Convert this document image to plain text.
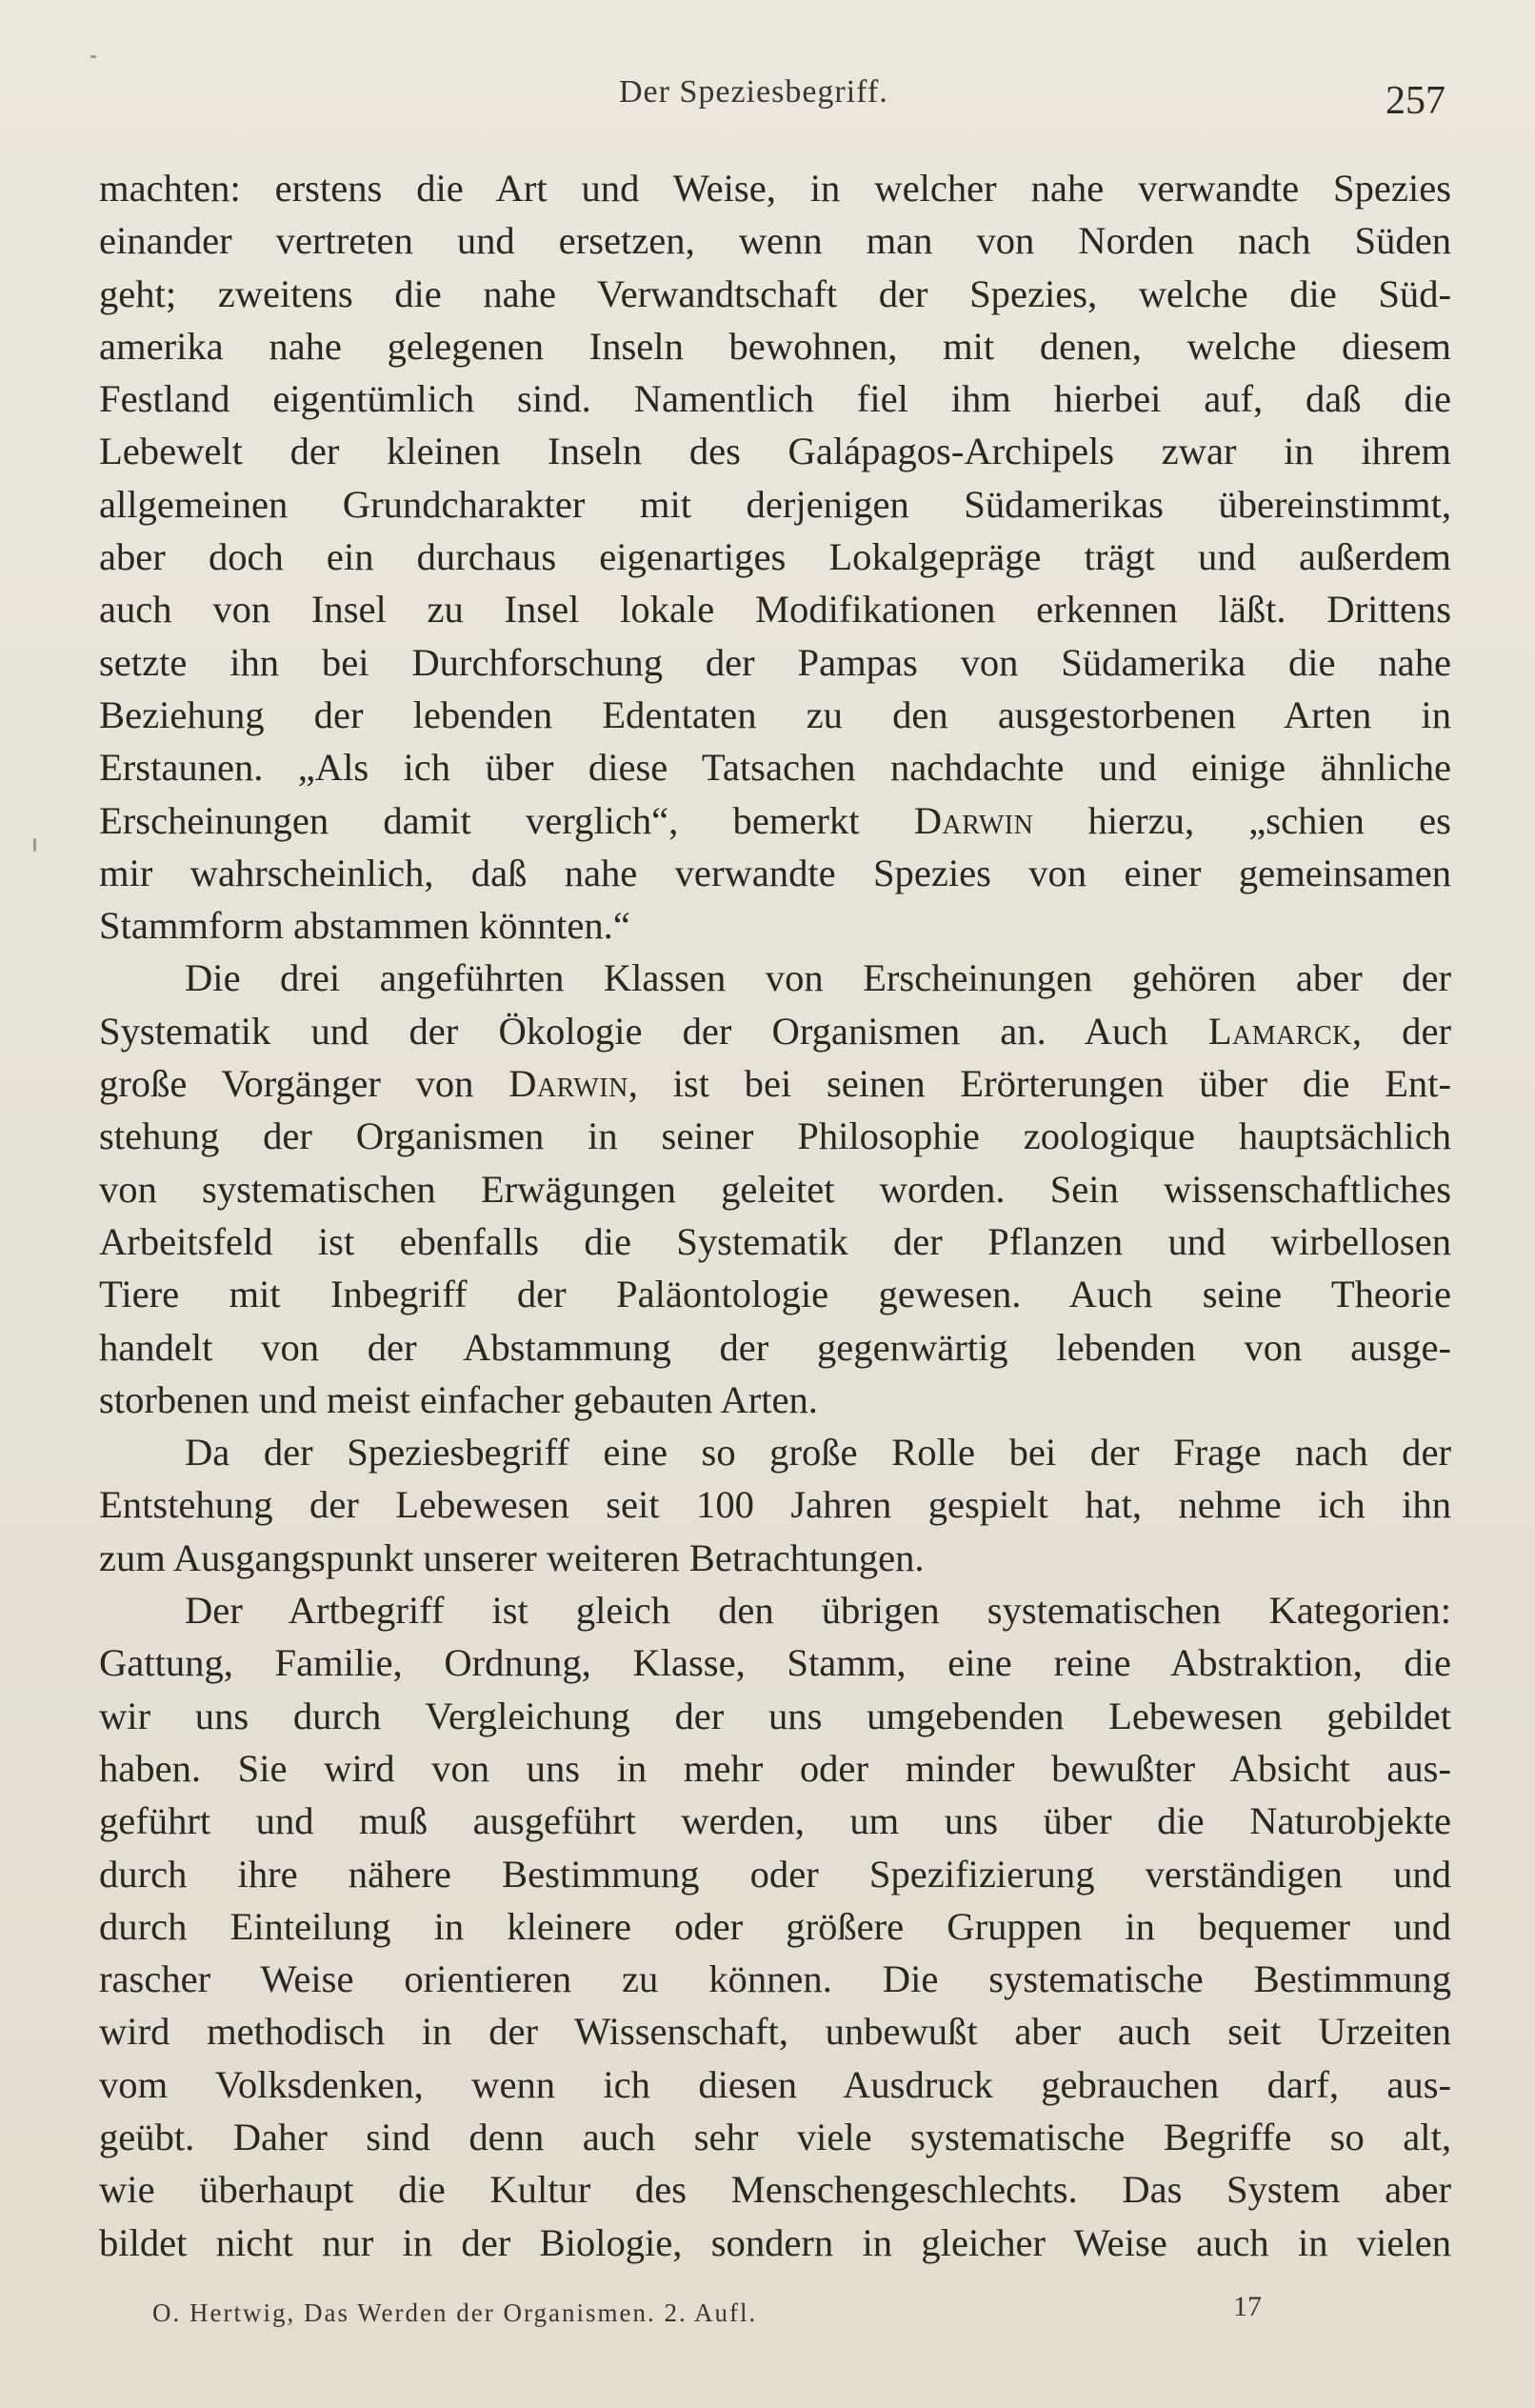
Der Speziesbegriff.	257
machten: erstens die Art und Weise, in welcher nahe verwandte Spezies
einander vertreten und ersetzen, wenn man von Norden nach Süden
geht; zweitens die nahe Verwandtschaft der Spezies, welche die Süd-
amerika nahe gelegenen Inseln bewohnen, mit denen, welche diesem
Festland eigentümlich sind. Namentlich fiel ihm hierbei auf, daß die
Lebewelt der kleinen Inseln des Galápagos-Archipels zwar in ihrem
allgemeinen Grundcharakter mit derjenigen Südamerikas übereinstimmt,
aber doch ein durchaus eigenartiges Lokalgepräge trägt und außerdem
auch von Insel zu Insel lokale Modifikationen erkennen läßt. Drittens
setzte ihn bei Durchforschung der Pampas von Südamerika die nahe
Beziehung der lebenden Edentaten zu den ausgestorbenen Arten in
Erstaunen. „Als ich über diese Tatsachen nachdachte und einige ähnliche
Erscheinungen damit verglich“, bemerkt Darwin hierzu, „schien es
mir wahrscheinlich, daß nahe verwandte Spezies von einer gemeinsamen
Stammform abstammen könnten.“
Die drei angeführten Klassen von Erscheinungen gehören aber der
Systematik und der Ökologie der Organismen an. Auch Lamarck, der
große Vorgänger von Darwin, ist bei seinen Erörterungen über die Ent-
stehung der Organismen in seiner Philosophie zoologique hauptsächlich
von systematischen Erwägungen geleitet worden. Sein wissenschaftliches
Arbeitsfeld ist ebenfalls die Systematik der Pflanzen und wirbellosen
Tiere mit Inbegriff der Paläontologie gewesen. Auch seine Theorie
handelt von der Abstammung der gegenwärtig lebenden von ausge-
storbenen und meist einfacher gebauten Arten.
Da der Speziesbegriff eine so große Rolle bei der Frage nach der
Entstehung der Lebewesen seit 100 Jahren gespielt hat, nehme ich ihn
zum Ausgangspunkt unserer weiteren Betrachtungen.
Der Artbegriff ist gleich den übrigen systematischen Kategorien:
Gattung, Familie, Ordnung, Klasse, Stamm, eine reine Abstraktion, die
wir uns durch Vergleichung der uns umgebenden Lebewesen gebildet
haben. Sie wird von uns in mehr oder minder bewußter Absicht aus-
geführt und muß ausgeführt werden, um uns über die Naturobjekte
durch ihre nähere Bestimmung oder Spezifizierung verständigen und
durch Einteilung in kleinere oder größere Gruppen in bequemer und
rascher Weise orientieren zu können. Die systematische Bestimmung
wird methodisch in der Wissenschaft, unbewußt aber auch seit Urzeiten
vom Volksdenken, wenn ich diesen Ausdruck gebrauchen darf, aus-
geübt. Daher sind denn auch sehr viele systematische Begriffe so alt,
wie überhaupt die Kultur des Menschengeschlechts. Das System aber
bildet nicht nur in der Biologie, sondern in gleicher Weise auch in vielen
O. Hertwig, Das Werden der Organismen. 2. Aufl.	17
